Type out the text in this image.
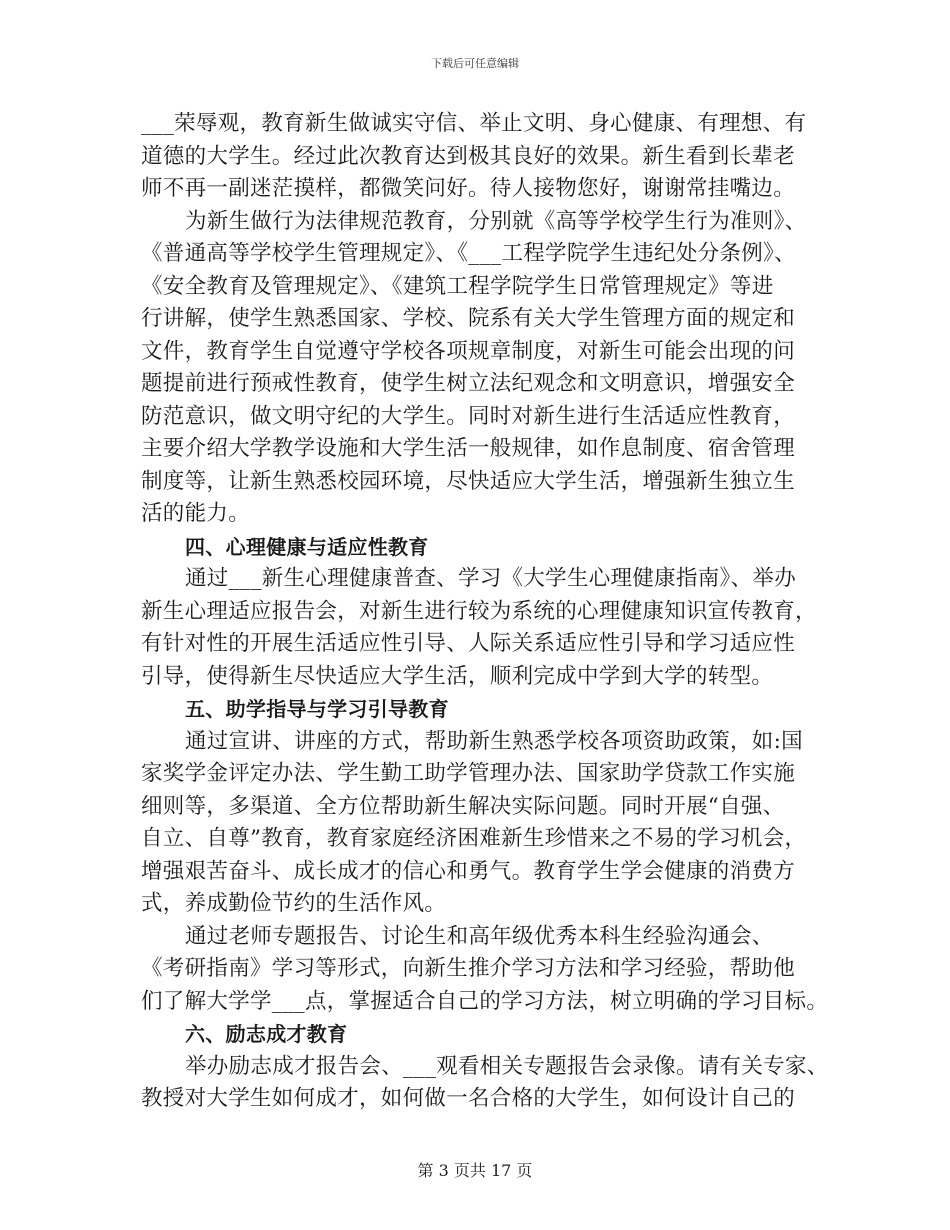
下载后可任意编辑
___荣辱观，教育新生做诚实守信、举止文明、身心健康、有理想、有
道德的大学生。经过此次教育达到极其良好的效果。新生看到长辈老
师不再一副迷茫摸样，都微笑问好。待人接物您好，谢谢常挂嘴边。
为新生做行为法律规范教育，分别就《高等学校学生行为准则》、
《普通高等学校学生管理规定》、《___工程学院学生违纪处分条例》、
《安全教育及管理规定》、《建筑工程学院学生日常管理规定》等进
行讲解，使学生熟悉国家、学校、院系有关大学生管理方面的规定和
文件，教育学生自觉遵守学校各项规章制度，对新生可能会出现的问
题提前进行预戒性教育，使学生树立法纪观念和文明意识，增强安全
防范意识，做文明守纪的大学生。同时对新生进行生活适应性教育，
主要介绍大学教学设施和大学生活一般规律，如作息制度、宿舍管理
制度等，让新生熟悉校园环境，尽快适应大学生活，增强新生独立生
活的能力。
四、心理健康与适应性教育
通过___新生心理健康普查、学习《大学生心理健康指南》、举办
新生心理适应报告会，对新生进行较为系统的心理健康知识宣传教育，
有针对性的开展生活适应性引导、人际关系适应性引导和学习适应性
引导，使得新生尽快适应大学生活，顺利完成中学到大学的转型。
五、助学指导与学习引导教育
通过宣讲、讲座的方式，帮助新生熟悉学校各项资助政策，如:国
家奖学金评定办法、学生勤工助学管理办法、国家助学贷款工作实施
细则等，多渠道、全方位帮助新生解决实际问题。同时开展“自强、
自立、自尊”教育，教育家庭经济困难新生珍惜来之不易的学习机会，
增强艰苦奋斗、成长成才的信心和勇气。教育学生学会健康的消费方
式，养成勤俭节约的生活作风。
通过老师专题报告、讨论生和高年级优秀本科生经验沟通会、
《考研指南》学习等形式，向新生推介学习方法和学习经验，帮助他
们了解大学学___点，掌握适合自己的学习方法，树立明确的学习目标。
六、励志成才教育
举办励志成才报告会、___观看相关专题报告会录像。请有关专家、
教授对大学生如何成才，如何做一名合格的大学生，如何设计自己的
第 3 页共 17 页
